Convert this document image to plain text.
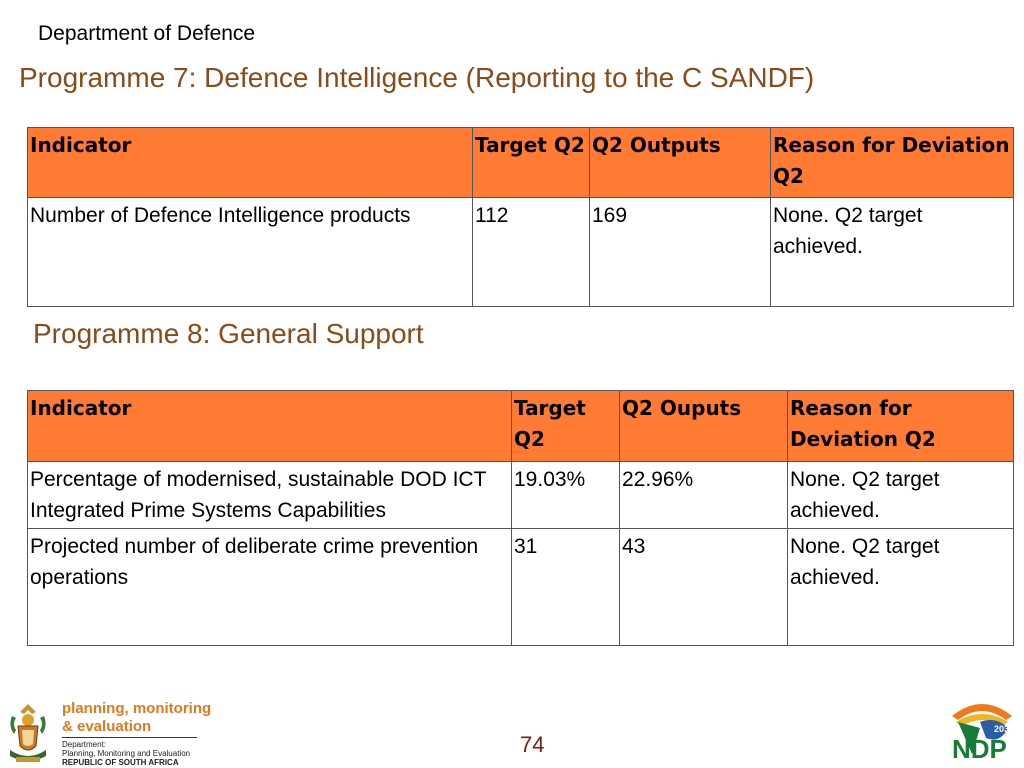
Department of Defence
Programme 7: Defence Intelligence (Reporting to the C SANDF)
Indicator	Target Q2	Q2 Outputs	Reason for Deviation Q2
Number of Defence Intelligence products	112	169	None. Q2 target achieved.
Programme 8: General Support
Indicator	Target Q2	Q2 Ouputs	Reason for Deviation Q2
Percentage of modernised, sustainable DOD ICT Integrated Prime Systems Capabilities	19.03%	22.96%	None. Q2 target achieved.
Projected number of deliberate crime prevention operations	31	43	None. Q2 target achieved.
planning, monitoring
& evaluation
Department:
Planning, Monitoring and Evaluation
REPUBLIC OF SOUTH AFRICA
74	NDP
2030
